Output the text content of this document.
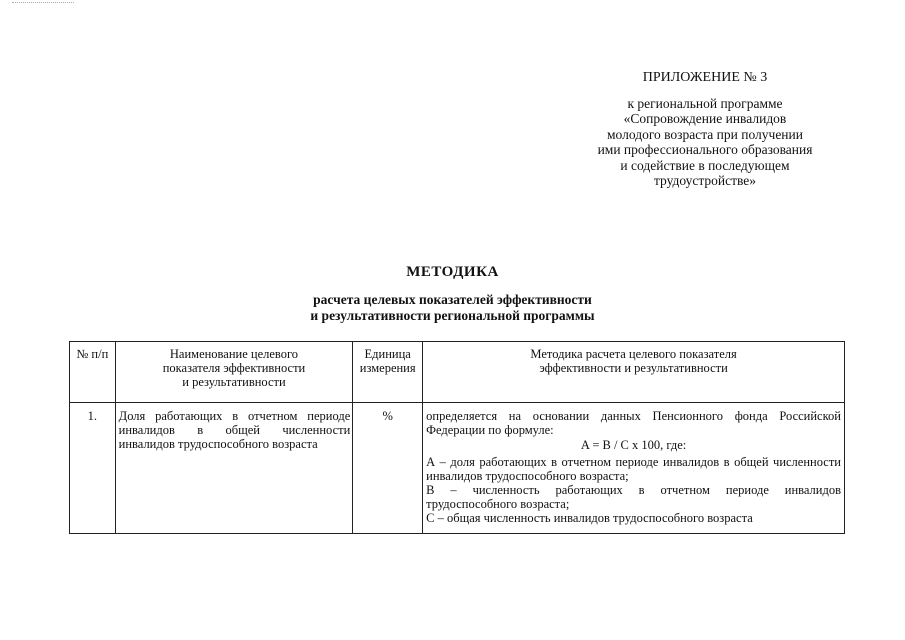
ПРИЛОЖЕНИЕ № 3
к региональной программе
«Сопровождение инвалидов
молодого возраста при получении
ими профессионального образования
и содействие в последующем
трудоустройстве»
МЕТОДИКА
расчета целевых показателей эффективности
и результативности региональной программы
№ п/п	Наименование целевого
показателя эффективности
и результативности	Единица
измерения	Методика расчета целевого показателя
эффективности и результативности

1.	Доля работающих в отчетном периоде инвалидов в общей численности инвалидов трудоспособного возраста	%	определяется на основании данных Пенсионного фонда Российской Федерации по формуле:
A = B / C x 100, где:
А – доля работающих в отчетном периоде инвалидов в общей численности инвалидов трудоспособного возраста;
В – численность работающих в отчетном периоде инвалидов трудоспособного возраста;
С – общая численность инвалидов трудоспособного возраста
